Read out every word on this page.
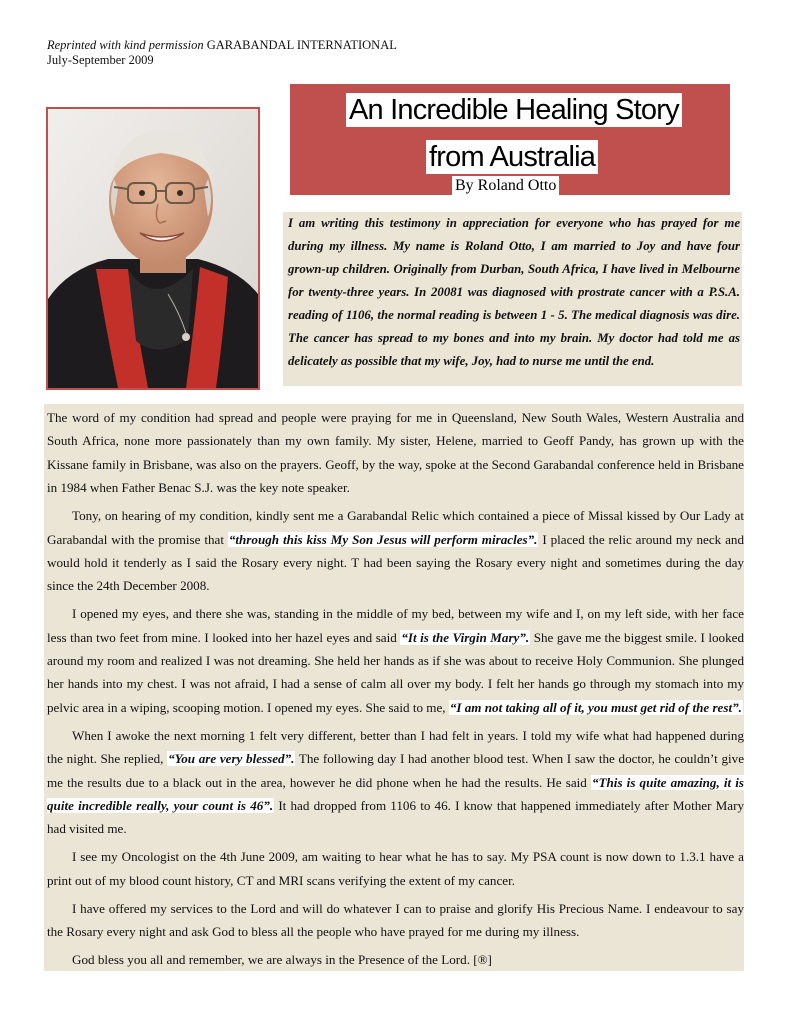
Reprinted with kind permission GARABANDAL INTERNATIONAL
July-September 2009
An Incredible Healing Story
from Australia
By Roland Otto
I am writing this testimony in appreciation for everyone who has prayed for me during my illness. My name is Roland Otto, I am married to Joy and have four grown-up children. Originally from Durban, South Africa, I have lived in Melbourne for twenty-three years. In 20081 was diagnosed with prostrate cancer with a P.S.A. reading of 1106, the normal reading is between 1 - 5. The medical diagnosis was dire. The cancer has spread to my bones and into my brain. My doctor had told me as delicately as possible that my wife, Joy, had to nurse me until the end.

The word of my condition had spread and people were praying for me in Queensland, New South Wales, Western Australia and South Africa, none more passionately than my own family. My sister, Helene, married to Geoff Pandy, has grown up with the Kissane family in Brisbane, was also on the prayers. Geoff, by the way, spoke at the Second Garabandal conference held in Brisbane in 1984 when Father Benac S.J. was the key note speaker.

Tony, on hearing of my condition, kindly sent me a Garabandal Relic which contained a piece of Missal kissed by Our Lady at Garabandal with the promise that “through this kiss My Son Jesus will perform miracles”. I placed the relic around my neck and would hold it tenderly as I said the Rosary every night. T had been saying the Rosary every night and sometimes during the day since the 24th December 2008.

I opened my eyes, and there she was, standing in the middle of my bed, between my wife and I, on my left side, with her face less than two feet from mine. I looked into her hazel eyes and said “It is the Virgin Mary”. She gave me the biggest smile. I looked around my room and realized I was not dreaming. She held her hands as if she was about to receive Holy Communion. She plunged her hands into my chest. I was not afraid, I had a sense of calm all over my body. I felt her hands go through my stomach into my pelvic area in a wiping, scooping motion. I opened my eyes. She said to me, “I am not taking all of it, you must get rid of the rest”.

When I awoke the next morning 1 felt very different, better than I had felt in years. I told my wife what had happened during the night. She replied, “You are very blessed”. The following day I had another blood test. When I saw the doctor, he couldn’t give me the results due to a black out in the area, however he did phone when he had the results. He said “This is quite amazing, it is quite incredible really, your count is 46”. It had dropped from 1106 to 46. I know that happened immediately after Mother Mary had visited me.

I see my Oncologist on the 4th June 2009, am waiting to hear what he has to say. My PSA count is now down to 1.3.1 have a print out of my blood count history, CT and MRI scans verifying the extent of my cancer.

I have offered my services to the Lord and will do whatever I can to praise and glorify His Precious Name. I endeavour to say the Rosary every night and ask God to bless all the people who have prayed for me during my illness.

God bless you all and remember, we are always in the Presence of the Lord. [®]
